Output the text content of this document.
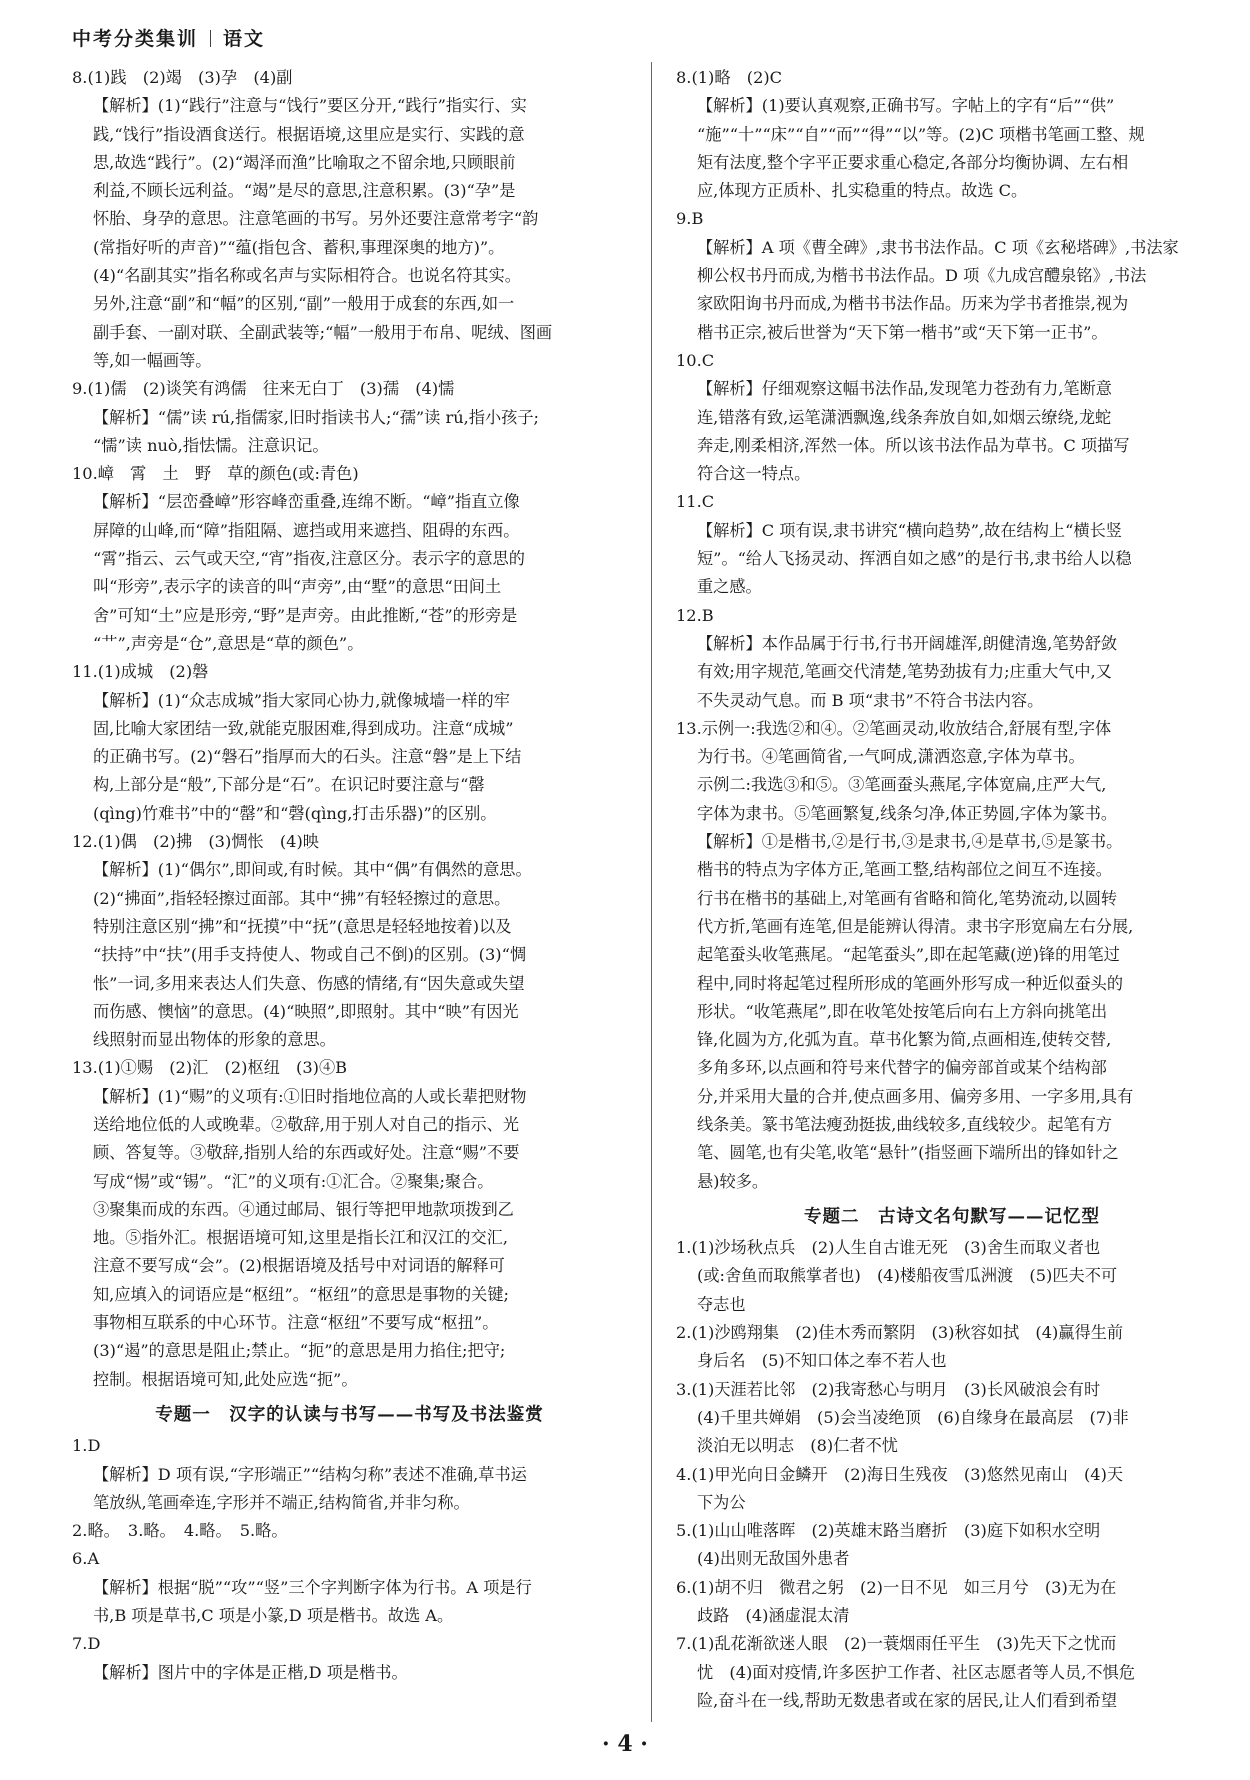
中考分类集训 语文
8.(1)践　(2)竭　(3)孕　(4)副
【解析】(1)“践行”注意与“饯行”要区分开,“践行”指实行、实
践,“饯行”指设酒食送行。根据语境,这里应是实行、实践的意
思,故选“践行”。(2)“竭泽而渔”比喻取之不留余地,只顾眼前
利益,不顾长远利益。“竭”是尽的意思,注意积累。(3)“孕”是
怀胎、身孕的意思。注意笔画的书写。另外还要注意常考字“韵
(常指好听的声音)”“蕴(指包含、蓄积,事理深奥的地方)”。
(4)“名副其实”指名称或名声与实际相符合。也说名符其实。
另外,注意“副”和“幅”的区别,“副”一般用于成套的东西,如一
副手套、一副对联、全副武装等;“幅”一般用于布帛、呢绒、图画
等,如一幅画等。
9.(1)儒　(2)谈笑有鸿儒　往来无白丁　(3)孺　(4)懦
【解析】“儒”读 rú,指儒家,旧时指读书人;“孺”读 rú,指小孩子;
“懦”读 nuò,指怯懦。注意识记。
10.嶂　霄　土　野　草的颜色(或:青色)
【解析】“层峦叠嶂”形容峰峦重叠,连绵不断。“嶂”指直立像
屏障的山峰,而“障”指阻隔、遮挡或用来遮挡、阻碍的东西。
“霄”指云、云气或天空,“宵”指夜,注意区分。表示字的意思的
叫“形旁”,表示字的读音的叫“声旁”,由“墅”的意思“田间土
舍”可知“土”应是形旁,“野”是声旁。由此推断,“苍”的形旁是
“艹”,声旁是“仓”,意思是“草的颜色”。
11.(1)成城　(2)磐
【解析】(1)“众志成城”指大家同心协力,就像城墙一样的牢
固,比喻大家团结一致,就能克服困难,得到成功。注意“成城”
的正确书写。(2)“磐石”指厚而大的石头。注意“磐”是上下结
构,上部分是“般”,下部分是“石”。在识记时要注意与“罄
(qìng)竹难书”中的“罄”和“磬(qìng,打击乐器)”的区别。
12.(1)偶　(2)拂　(3)惆怅　(4)映
【解析】(1)“偶尔”,即间或,有时候。其中“偶”有偶然的意思。
(2)“拂面”,指轻轻擦过面部。其中“拂”有轻轻擦过的意思。
特别注意区别“拂”和“抚摸”中“抚”(意思是轻轻地按着)以及
“扶持”中“扶”(用手支持使人、物或自己不倒)的区别。(3)“惆
怅”一词,多用来表达人们失意、伤感的情绪,有“因失意或失望
而伤感、懊恼”的意思。(4)“映照”,即照射。其中“映”有因光
线照射而显出物体的形象的意思。
13.(1)①赐　(2)汇　(2)枢纽　(3)④B
【解析】(1)“赐”的义项有:①旧时指地位高的人或长辈把财物
送给地位低的人或晚辈。②敬辞,用于别人对自己的指示、光
顾、答复等。③敬辞,指别人给的东西或好处。注意“赐”不要
写成“惕”或“锡”。“汇”的义项有:①汇合。②聚集;聚合。
③聚集而成的东西。④通过邮局、银行等把甲地款项拨到乙
地。⑤指外汇。根据语境可知,这里是指长江和汉江的交汇,
注意不要写成“会”。(2)根据语境及括号中对词语的解释可
知,应填入的词语应是“枢纽”。“枢纽”的意思是事物的关键;
事物相互联系的中心环节。注意“枢纽”不要写成“枢扭”。
(3)“遏”的意思是阻止;禁止。“扼”的意思是用力掐住;把守;
控制。根据语境可知,此处应选“扼”。
专题一　汉字的认读与书写——书写及书法鉴赏
1.D
【解析】D 项有误,“字形端正”“结构匀称”表述不准确,草书运
笔放纵,笔画牵连,字形并不端正,结构简省,并非匀称。
2.略。　3.略。　4.略。　5.略。
6.A
【解析】根据“脱”“攻”“竖”三个字判断字体为行书。A 项是行
书,B 项是草书,C 项是小篆,D 项是楷书。故选 A。
7.D
【解析】图片中的字体是正楷,D 项是楷书。
8.(1)略　(2)C
【解析】(1)要认真观察,正确书写。字帖上的字有“后”“供”
“施”“十”“床”“自”“而”“得”“以”等。(2)C 项楷书笔画工整、规
矩有法度,整个字平正要求重心稳定,各部分均衡协调、左右相
应,体现方正质朴、扎实稳重的特点。故选 C。
9.B
【解析】A 项《曹全碑》,隶书书法作品。C 项《玄秘塔碑》,书法家
柳公权书丹而成,为楷书书法作品。D 项《九成宫醴泉铭》,书法
家欧阳询书丹而成,为楷书书法作品。历来为学书者推崇,视为
楷书正宗,被后世誉为“天下第一楷书”或“天下第一正书”。
10.C
【解析】仔细观察这幅书法作品,发现笔力苍劲有力,笔断意
连,错落有致,运笔潇洒飘逸,线条奔放自如,如烟云缭绕,龙蛇
奔走,刚柔相济,浑然一体。所以该书法作品为草书。C 项描写
符合这一特点。
11.C
【解析】C 项有误,隶书讲究“横向趋势”,故在结构上“横长竖
短”。“给人飞扬灵动、挥洒自如之感”的是行书,隶书给人以稳
重之感。
12.B
【解析】本作品属于行书,行书开阔雄浑,朗健清逸,笔势舒敛
有效;用字规范,笔画交代清楚,笔势劲拔有力;庄重大气中,又
不失灵动气息。而 B 项“隶书”不符合书法内容。
13.示例一:我选②和④。②笔画灵动,收放结合,舒展有型,字体
为行书。④笔画简省,一气呵成,潇洒恣意,字体为草书。
示例二:我选③和⑤。③笔画蚕头燕尾,字体宽扁,庄严大气,
字体为隶书。⑤笔画繁复,线条匀净,体正势圆,字体为篆书。
【解析】①是楷书,②是行书,③是隶书,④是草书,⑤是篆书。
楷书的特点为字体方正,笔画工整,结构部位之间互不连接。
行书在楷书的基础上,对笔画有省略和简化,笔势流动,以圆转
代方折,笔画有连笔,但是能辨认得清。隶书字形宽扁左右分展,
起笔蚕头收笔燕尾。“起笔蚕头”,即在起笔藏(逆)锋的用笔过
程中,同时将起笔过程所形成的笔画外形写成一种近似蚕头的
形状。“收笔燕尾”,即在收笔处按笔后向右上方斜向挑笔出
锋,化圆为方,化弧为直。草书化繁为简,点画相连,使转交替,
多角多环,以点画和符号来代替字的偏旁部首或某个结构部
分,并采用大量的合并,使点画多用、偏旁多用、一字多用,具有
线条美。篆书笔法瘦劲挺拔,曲线较多,直线较少。起笔有方
笔、圆笔,也有尖笔,收笔“悬针”(指竖画下端所出的锋如针之
悬)较多。
专题二　古诗文名句默写——记忆型
1.(1)沙场秋点兵　(2)人生自古谁无死　(3)舍生而取义者也
(或:舍鱼而取熊掌者也)　(4)楼船夜雪瓜洲渡　(5)匹夫不可
夺志也
2.(1)沙鸥翔集　(2)佳木秀而繁阴　(3)秋容如拭　(4)赢得生前
身后名　(5)不知口体之奉不若人也
3.(1)天涯若比邻　(2)我寄愁心与明月　(3)长风破浪会有时
(4)千里共婵娟　(5)会当凌绝顶　(6)自缘身在最高层　(7)非
淡泊无以明志　(8)仁者不忧
4.(1)甲光向日金鳞开　(2)海日生残夜　(3)悠然见南山　(4)天
下为公
5.(1)山山唯落晖　(2)英雄末路当磨折　(3)庭下如积水空明
(4)出则无敌国外患者
6.(1)胡不归　微君之躬　(2)一日不见　如三月兮　(3)无为在
歧路　(4)涵虚混太清
7.(1)乱花渐欲迷人眼　(2)一蓑烟雨任平生　(3)先天下之忧而
忧　(4)面对疫情,许多医护工作者、社区志愿者等人员,不惧危
险,奋斗在一线,帮助无数患者或在家的居民,让人们看到希望
· 4 ·
